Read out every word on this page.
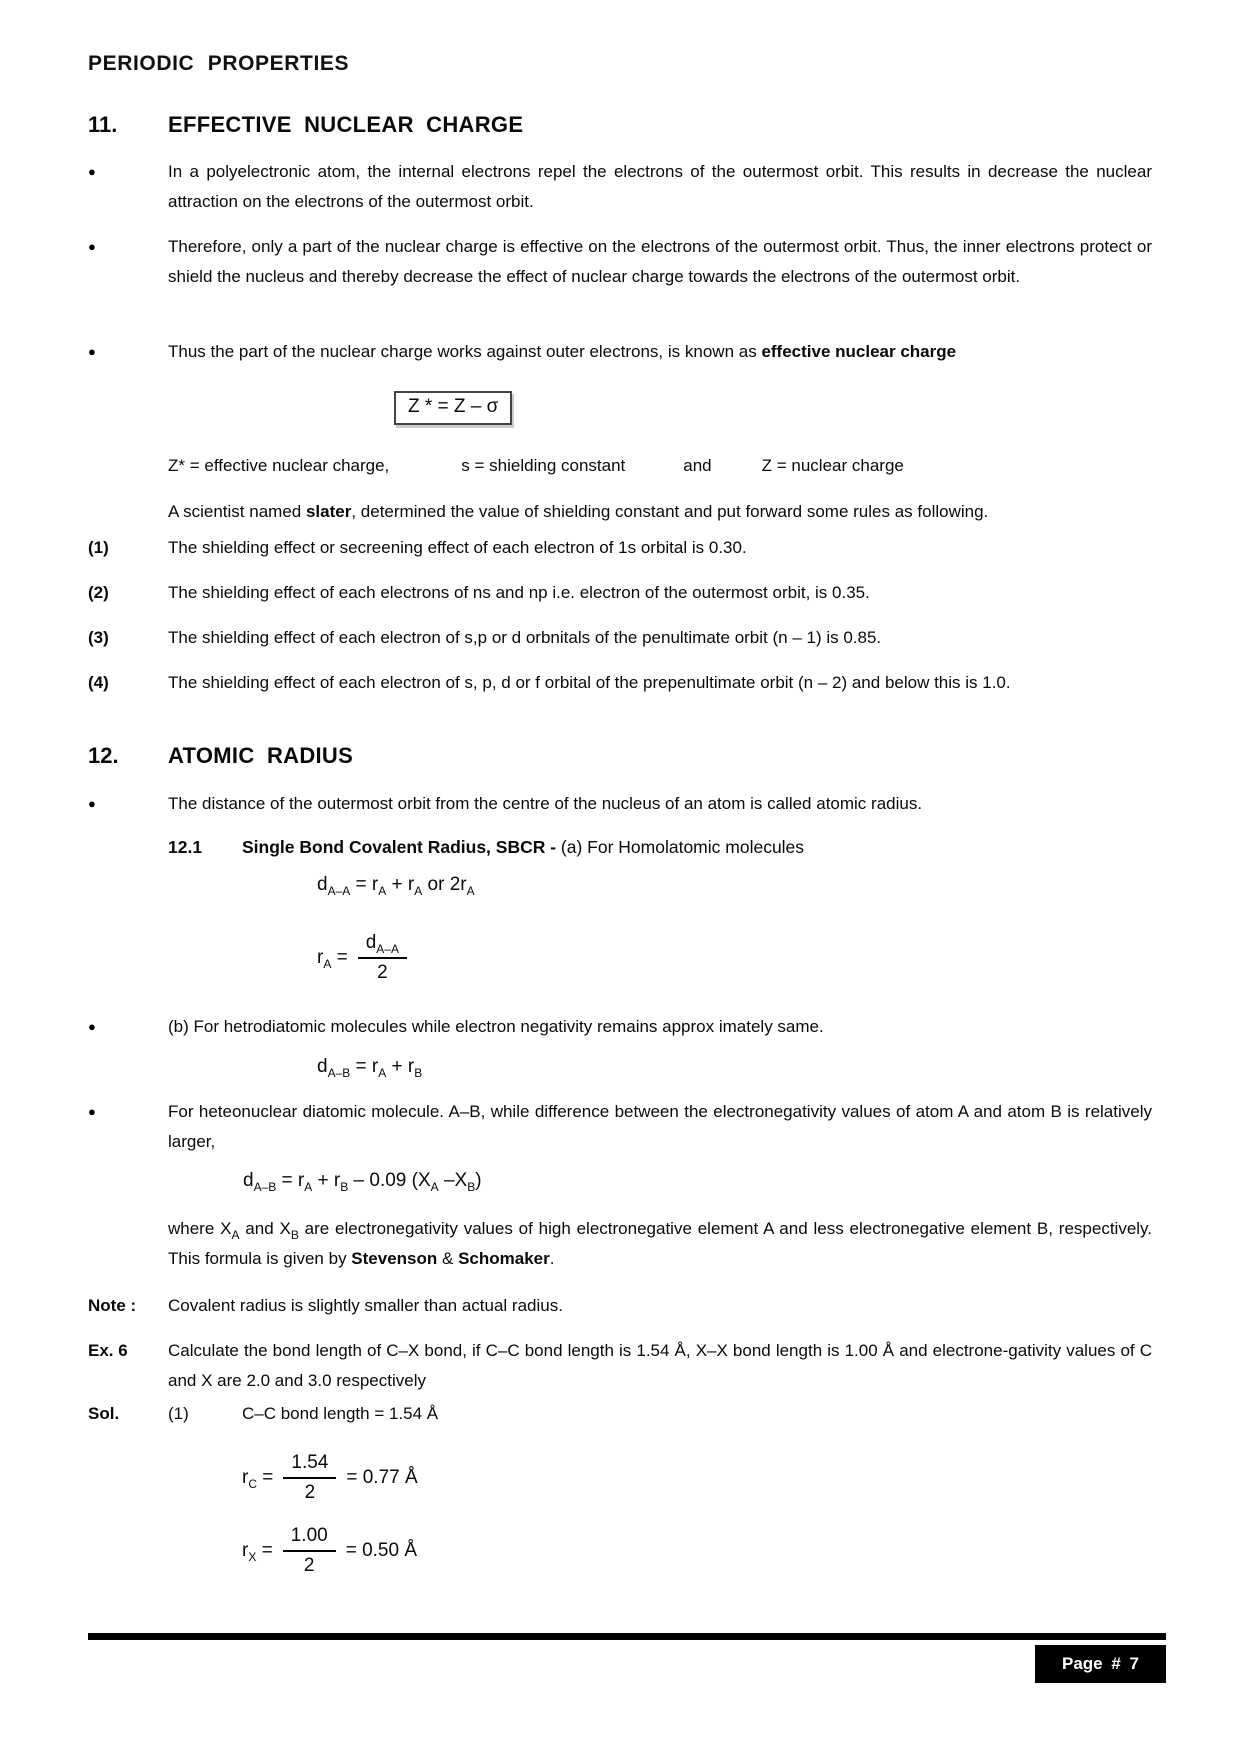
PERIODIC PROPERTIES
11.	EFFECTIVE NUCLEAR CHARGE
●	In a polyelectronic atom, the internal electrons repel the electrons of the outermost orbit. This results in decrease the nuclear attraction on the electrons of the outermost orbit.
●	Therefore, only a part of the nuclear charge is effective on the electrons of the outermost orbit. Thus, the inner electrons protect or shield the nucleus and thereby decrease the effect of nuclear charge towards the electrons of the outermost orbit.
●	Thus the part of the nuclear charge works against outer electrons, is known as effective nuclear charge
Z * = Z – σ
Z* = effective nuclear charge,	s = shielding constant	and	Z = nuclear charge
A scientist named slater, determined the value of shielding constant and put forward some rules as following.
(1)	The shielding effect or secreening effect of each electron of 1s orbital is 0.30.
(2)	The shielding effect of each electrons of ns and np i.e. electron of the outermost orbit, is 0.35.
(3)	The shielding effect of each electron of s,p or d orbnitals of the penultimate orbit (n – 1) is 0.85.
(4)	The shielding effect of each electron of s, p, d or f orbital of the prepenultimate orbit (n – 2) and below this is 1.0.
12.	ATOMIC RADIUS
●	The distance of the outermost orbit from the centre of the nucleus of an atom is called atomic radius.
12.1	Single Bond Covalent Radius, SBCR - (a) For Homolatomic molecules
$d_{A-A} = r_A + r_A$ or $2r_A$
$r_A = \frac{d_{A-A}}{2}$
●	(b) For hetrodiatomic molecules while electron negativity remains approx imately same.
$d_{A-B} = r_A + r_B$
●	For heteonuclear diatomic molecule. A–B, while difference between the electronegativity values of atom A and atom B is relatively larger,
$d_{A-B} = r_A + r_B - 0.09$ ($X_A$ $-X_B$)
where $X_A$ and $X_B$ are electronegativity values of high electronegative element A and less electronegative element B, respectively. This formula is given by Stevenson & Schomaker.
Note :	Covalent radius is slightly smaller than actual radius.
Ex. 6	Calculate the bond length of C–X bond, if C–C bond length is 1.54 Å, X–X bond length is 1.00 Å and electrone-gativity values of C and X are 2.0 and 3.0 respectively
Sol.	(1)	C–C bond length = 1.54 Å
$r_C = \frac{1.54}{2} = 0.77$ Å
$r_X = \frac{1.00}{2} = 0.50$ Å
Page # 7
